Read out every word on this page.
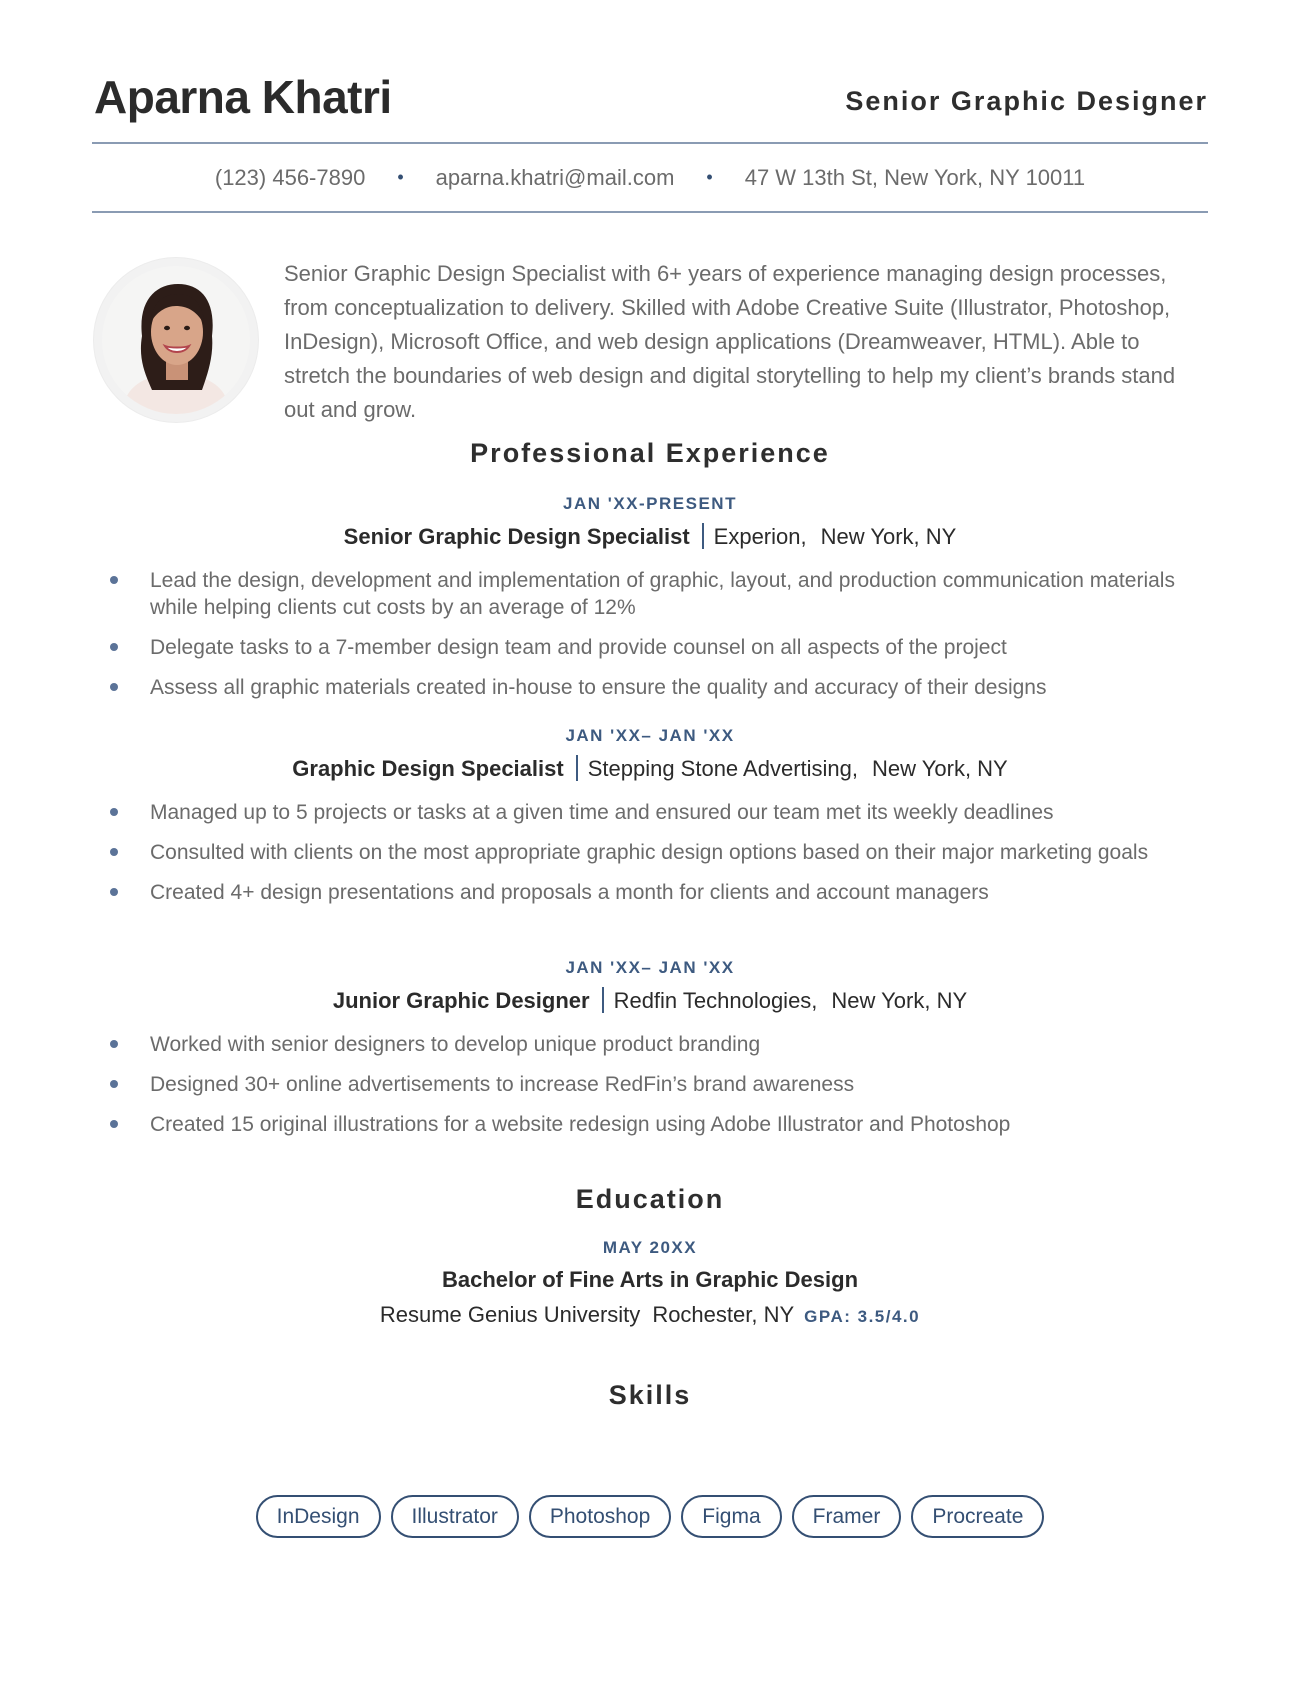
Aparna Khatri	Senior Graphic Designer
(123) 456-7890 • aparna.khatri@mail.com • 47 W 13th St, New York, NY 10011
Senior Graphic Design Specialist with 6+ years of experience managing design processes, from conceptualization to delivery. Skilled with Adobe Creative Suite (Illustrator, Photoshop, InDesign), Microsoft Office, and web design applications (Dreamweaver, HTML). Able to stretch the boundaries of web design and digital storytelling to help my client’s brands stand out and grow.
Professional Experience
JAN 'XX-PRESENT
Senior Graphic Design Specialist Experion, New York, NY
Lead the design, development and implementation of graphic, layout, and production communication materials while helping clients cut costs by an average of 12%
Delegate tasks to a 7-member design team and provide counsel on all aspects of the project
Assess all graphic materials created in-house to ensure the quality and accuracy of their designs
JAN 'XX– JAN 'XX
Graphic Design Specialist Stepping Stone Advertising, New York, NY
Managed up to 5 projects or tasks at a given time and ensured our team met its weekly deadlines
Consulted with clients on the most appropriate graphic design options based on their major marketing goals
Created 4+ design presentations and proposals a month for clients and account managers
JAN 'XX– JAN 'XX
Junior Graphic Designer Redfin Technologies, New York, NY
Worked with senior designers to develop unique product branding
Designed 30+ online advertisements to increase RedFin’s brand awareness
Created 15 original illustrations for a website redesign using Adobe Illustrator and Photoshop
Education
MAY 20XX
Bachelor of Fine Arts in Graphic Design
Resume Genius University Rochester, NY GPA: 3.5/4.0
Skills
InDesign Illustrator Photoshop Figma Framer Procreate
